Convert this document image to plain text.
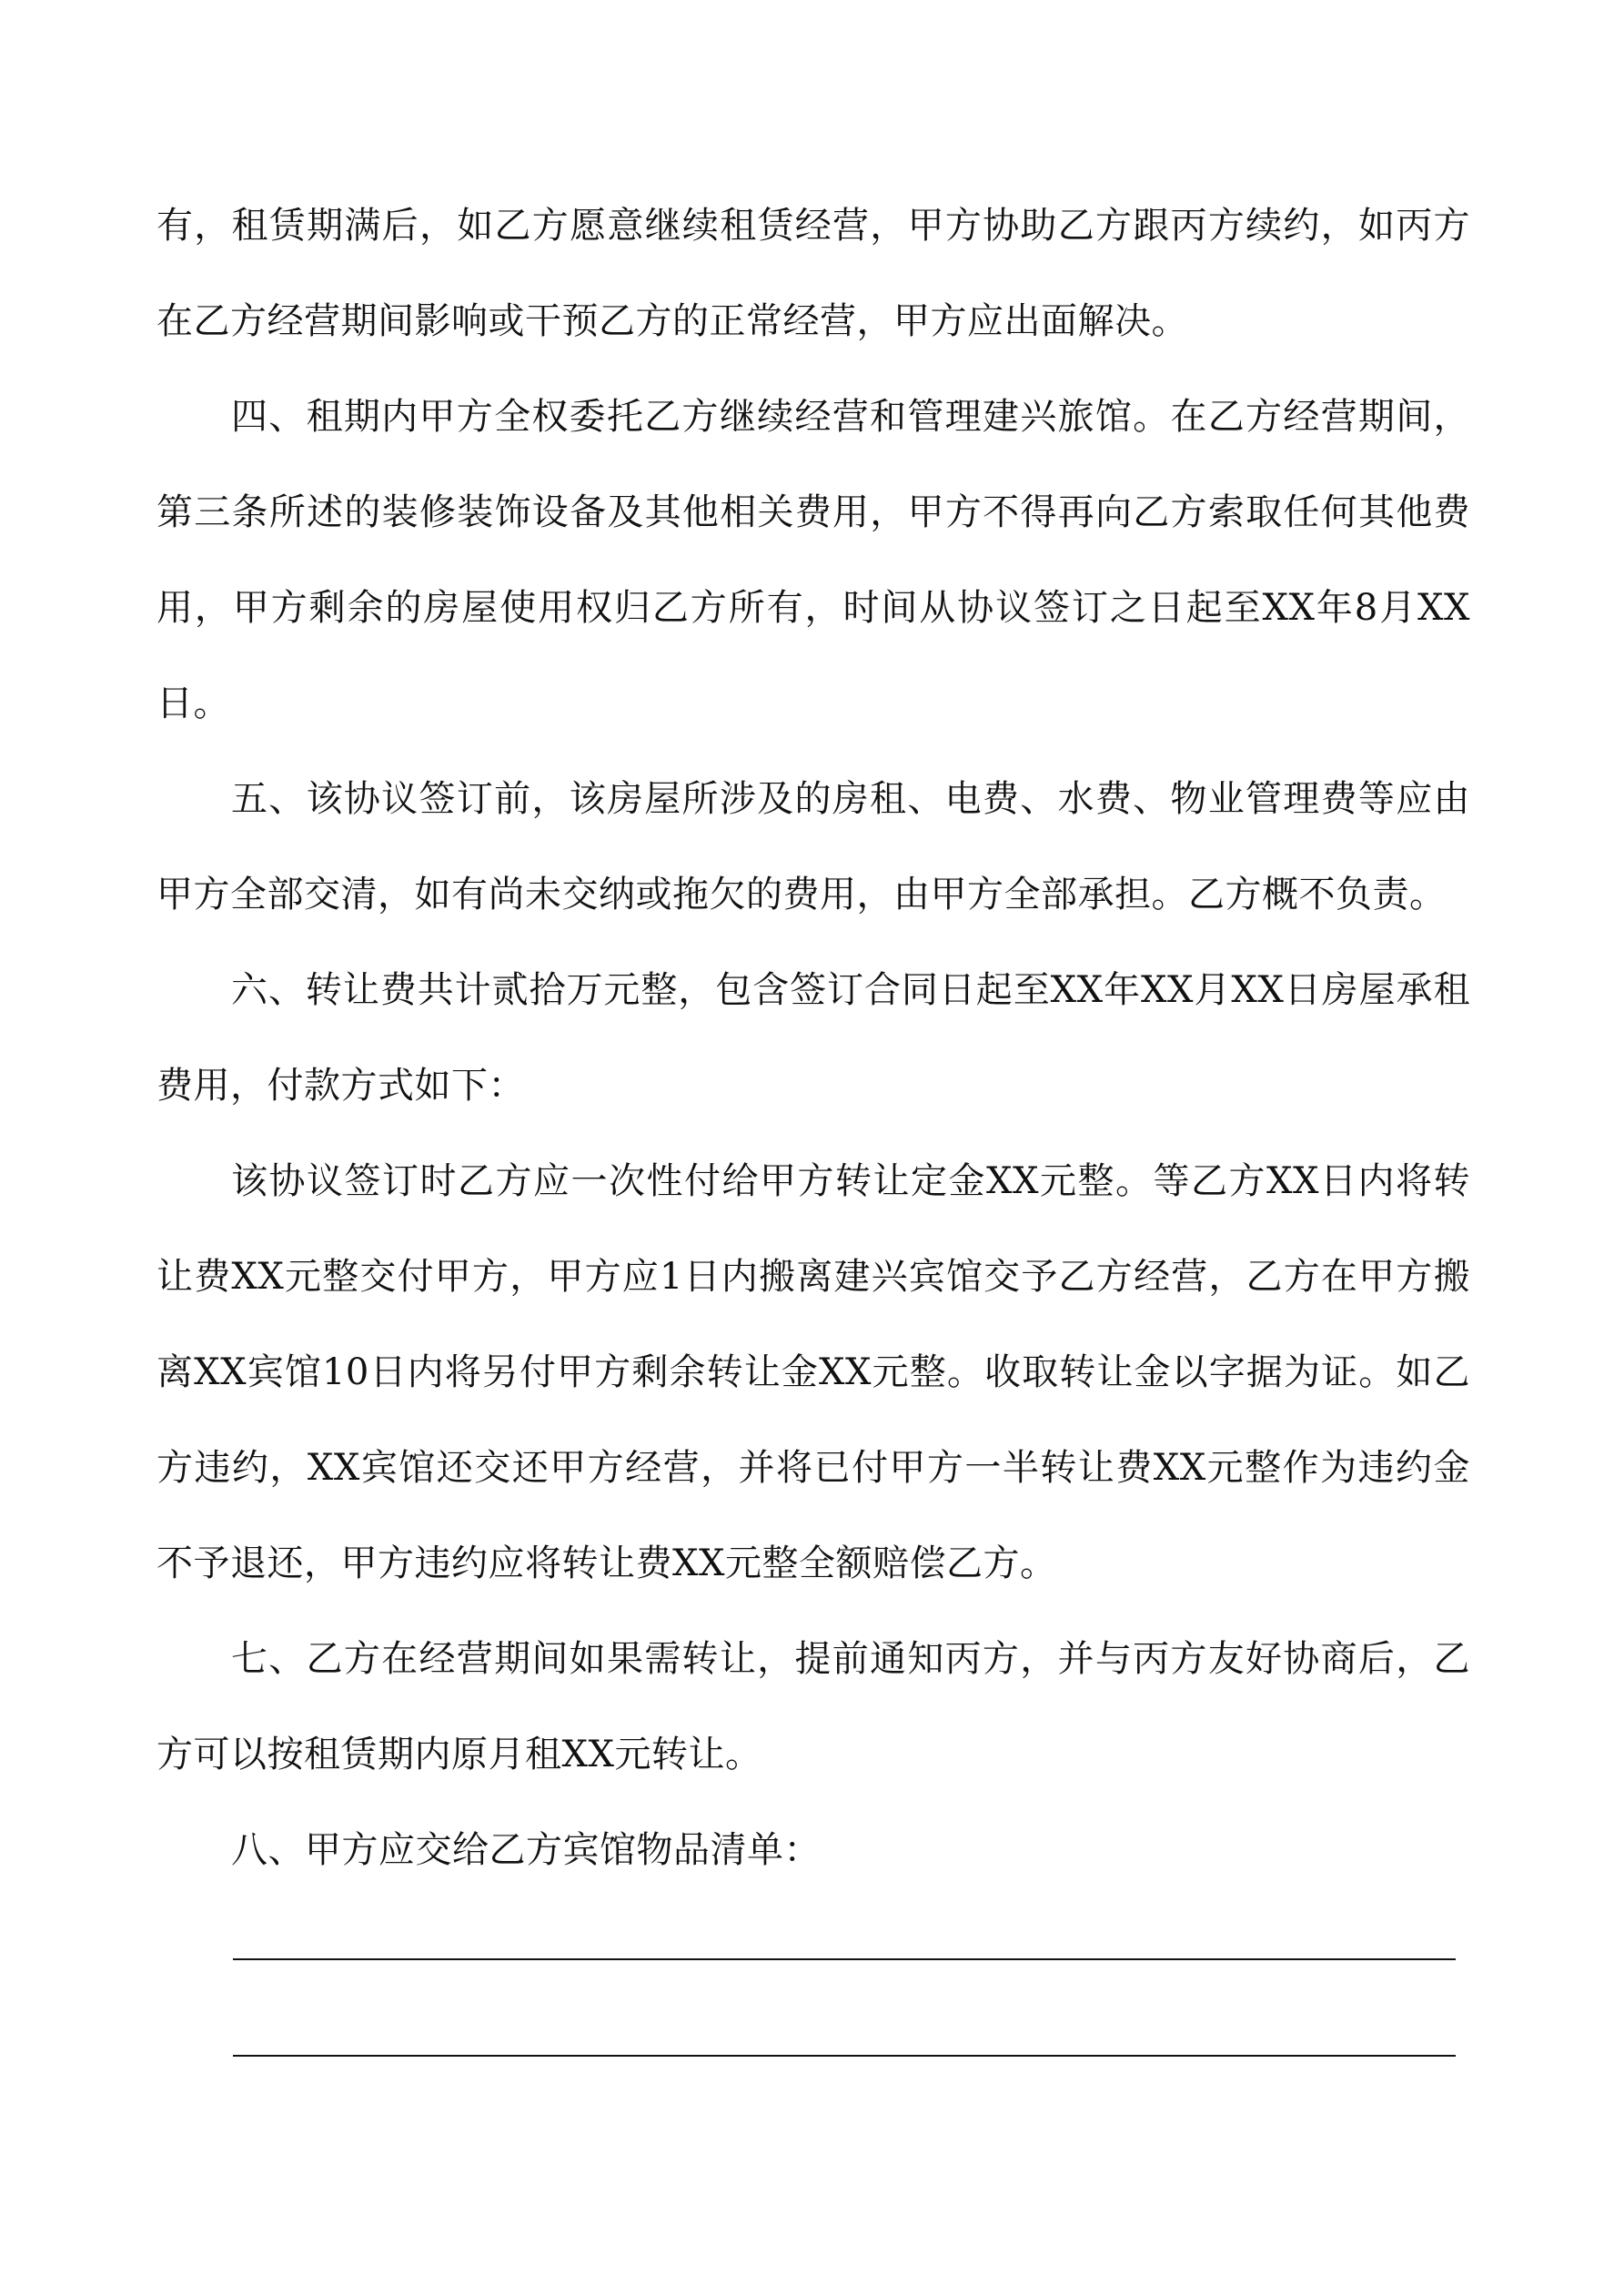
有，租赁期满后，如乙方愿意继续租赁经营，甲方协助乙方跟丙方续约，如丙方在乙方经营期间影响或干预乙方的正常经营，甲方应出面解决。

四、租期内甲方全权委托乙方继续经营和管理建兴旅馆。在乙方经营期间，第三条所述的装修装饰设备及其他相关费用，甲方不得再向乙方索取任何其他费用，甲方剩余的房屋使用权归乙方所有，时间从协议签订之日起至XX年8月XX日。

五、该协议签订前，该房屋所涉及的房租、电费、水费、物业管理费等应由甲方全部交清，如有尚未交纳或拖欠的费用，由甲方全部承担。乙方概不负责。

六、转让费共计贰拾万元整，包含签订合同日起至XX年XX月XX日房屋承租费用，付款方式如下：

该协议签订时乙方应一次性付给甲方转让定金XX元整。等乙方XX日内将转让费XX元整交付甲方，甲方应1日内搬离建兴宾馆交予乙方经营，乙方在甲方搬离XX宾馆10日内将另付甲方剩余转让金XX元整。收取转让金以字据为证。如乙方违约，XX宾馆还交还甲方经营，并将已付甲方一半转让费XX元整作为违约金不予退还，甲方违约应将转让费XX元整全额赔偿乙方。

七、乙方在经营期间如果需转让，提前通知丙方，并与丙方友好协商后，乙方可以按租赁期内原月租XX元转让。

八、甲方应交给乙方宾馆物品清单：
